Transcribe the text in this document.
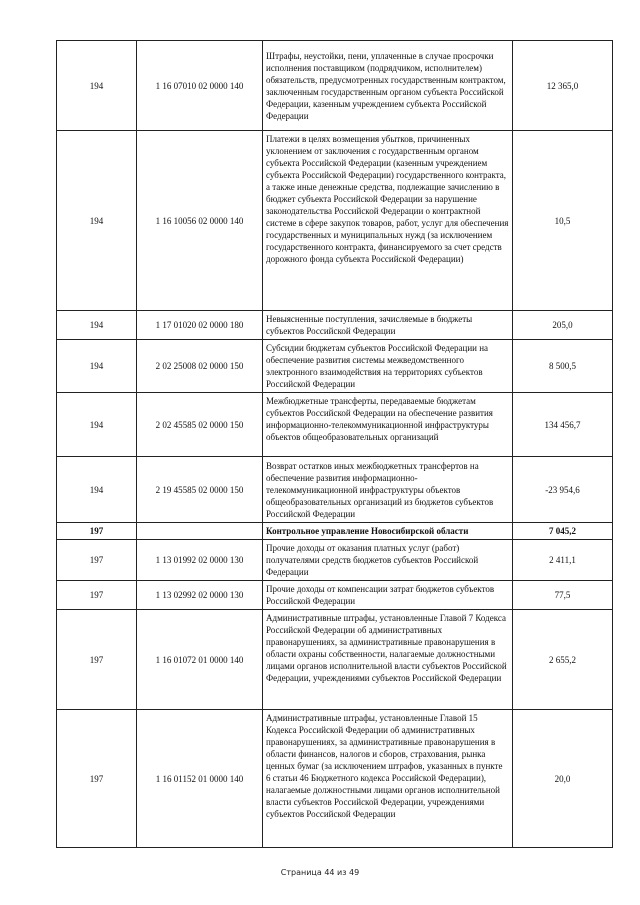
194	1 16 07010 02 0000 140	Штрафы, неустойки, пени, уплаченные в случае просрочки исполнения поставщиком (подрядчиком, исполнителем) обязательств, предусмотренных государственным контрактом, заключенным государственным органом субъекта Российской Федерации, казенным учреждением субъекта Российской Федерации	12 365,0
194	1 16 10056 02 0000 140	Платежи в целях возмещения убытков, причиненных уклонением от заключения с государственным органом субъекта Российской Федерации (казенным учреждением субъекта Российской Федерации) государственного контракта, а также иные денежные средства, подлежащие зачислению в бюджет субъекта Российской Федерации за нарушение законодательства Российской Федерации о контрактной системе в сфере закупок товаров, работ, услуг для обеспечения государственных и муниципальных нужд (за исключением государственного контракта, финансируемого за счет средств дорожного фонда субъекта Российской Федерации)	10,5
194	1 17 01020 02 0000 180	Невыясненные поступления, зачисляемые в бюджеты субъектов Российской Федерации	205,0
194	2 02 25008 02 0000 150	Субсидии бюджетам субъектов Российской Федерации на обеспечение развития системы межведомственного электронного взаимодействия на территориях субъектов Российской Федерации	8 500,5
194	2 02 45585 02 0000 150	Межбюджетные трансферты, передаваемые бюджетам субъектов Российской Федерации на обеспечение развития информационно-телекоммуникационной инфраструктуры объектов общеобразовательных организаций	134 456,7
194	2 19 45585 02 0000 150	Возврат остатков иных межбюджетных трансфертов на обеспечение развития информационно-телекоммуникационной инфраструктуры объектов общеобразовательных организаций из бюджетов субъектов Российской Федерации	-23 954,6
197		Контрольное управление Новосибирской области	7 045,2
197	1 13 01992 02 0000 130	Прочие доходы от оказания платных услуг (работ) получателями средств бюджетов субъектов Российской Федерации	2 411,1
197	1 13 02992 02 0000 130	Прочие доходы от компенсации затрат бюджетов субъектов Российской Федерации	77,5
197	1 16 01072 01 0000 140	Административные штрафы, установленные Главой 7 Кодекса Российской Федерации об административных правонарушениях, за административные правонарушения в области охраны собственности, налагаемые должностными лицами органов исполнительной власти субъектов Российской Федерации, учреждениями субъектов Российской Федерации	2 655,2
197	1 16 01152 01 0000 140	Административные штрафы, установленные Главой 15 Кодекса Российской Федерации об административных правонарушениях, за административные правонарушения в области финансов, налогов и сборов, страхования, рынка ценных бумаг (за исключением штрафов, указанных в пункте 6 статьи 46 Бюджетного кодекса Российской Федерации), налагаемые должностными лицами органов исполнительной власти субъектов Российской Федерации, учреждениями субъектов Российской Федерации	20,0
Страница 44 из 49
